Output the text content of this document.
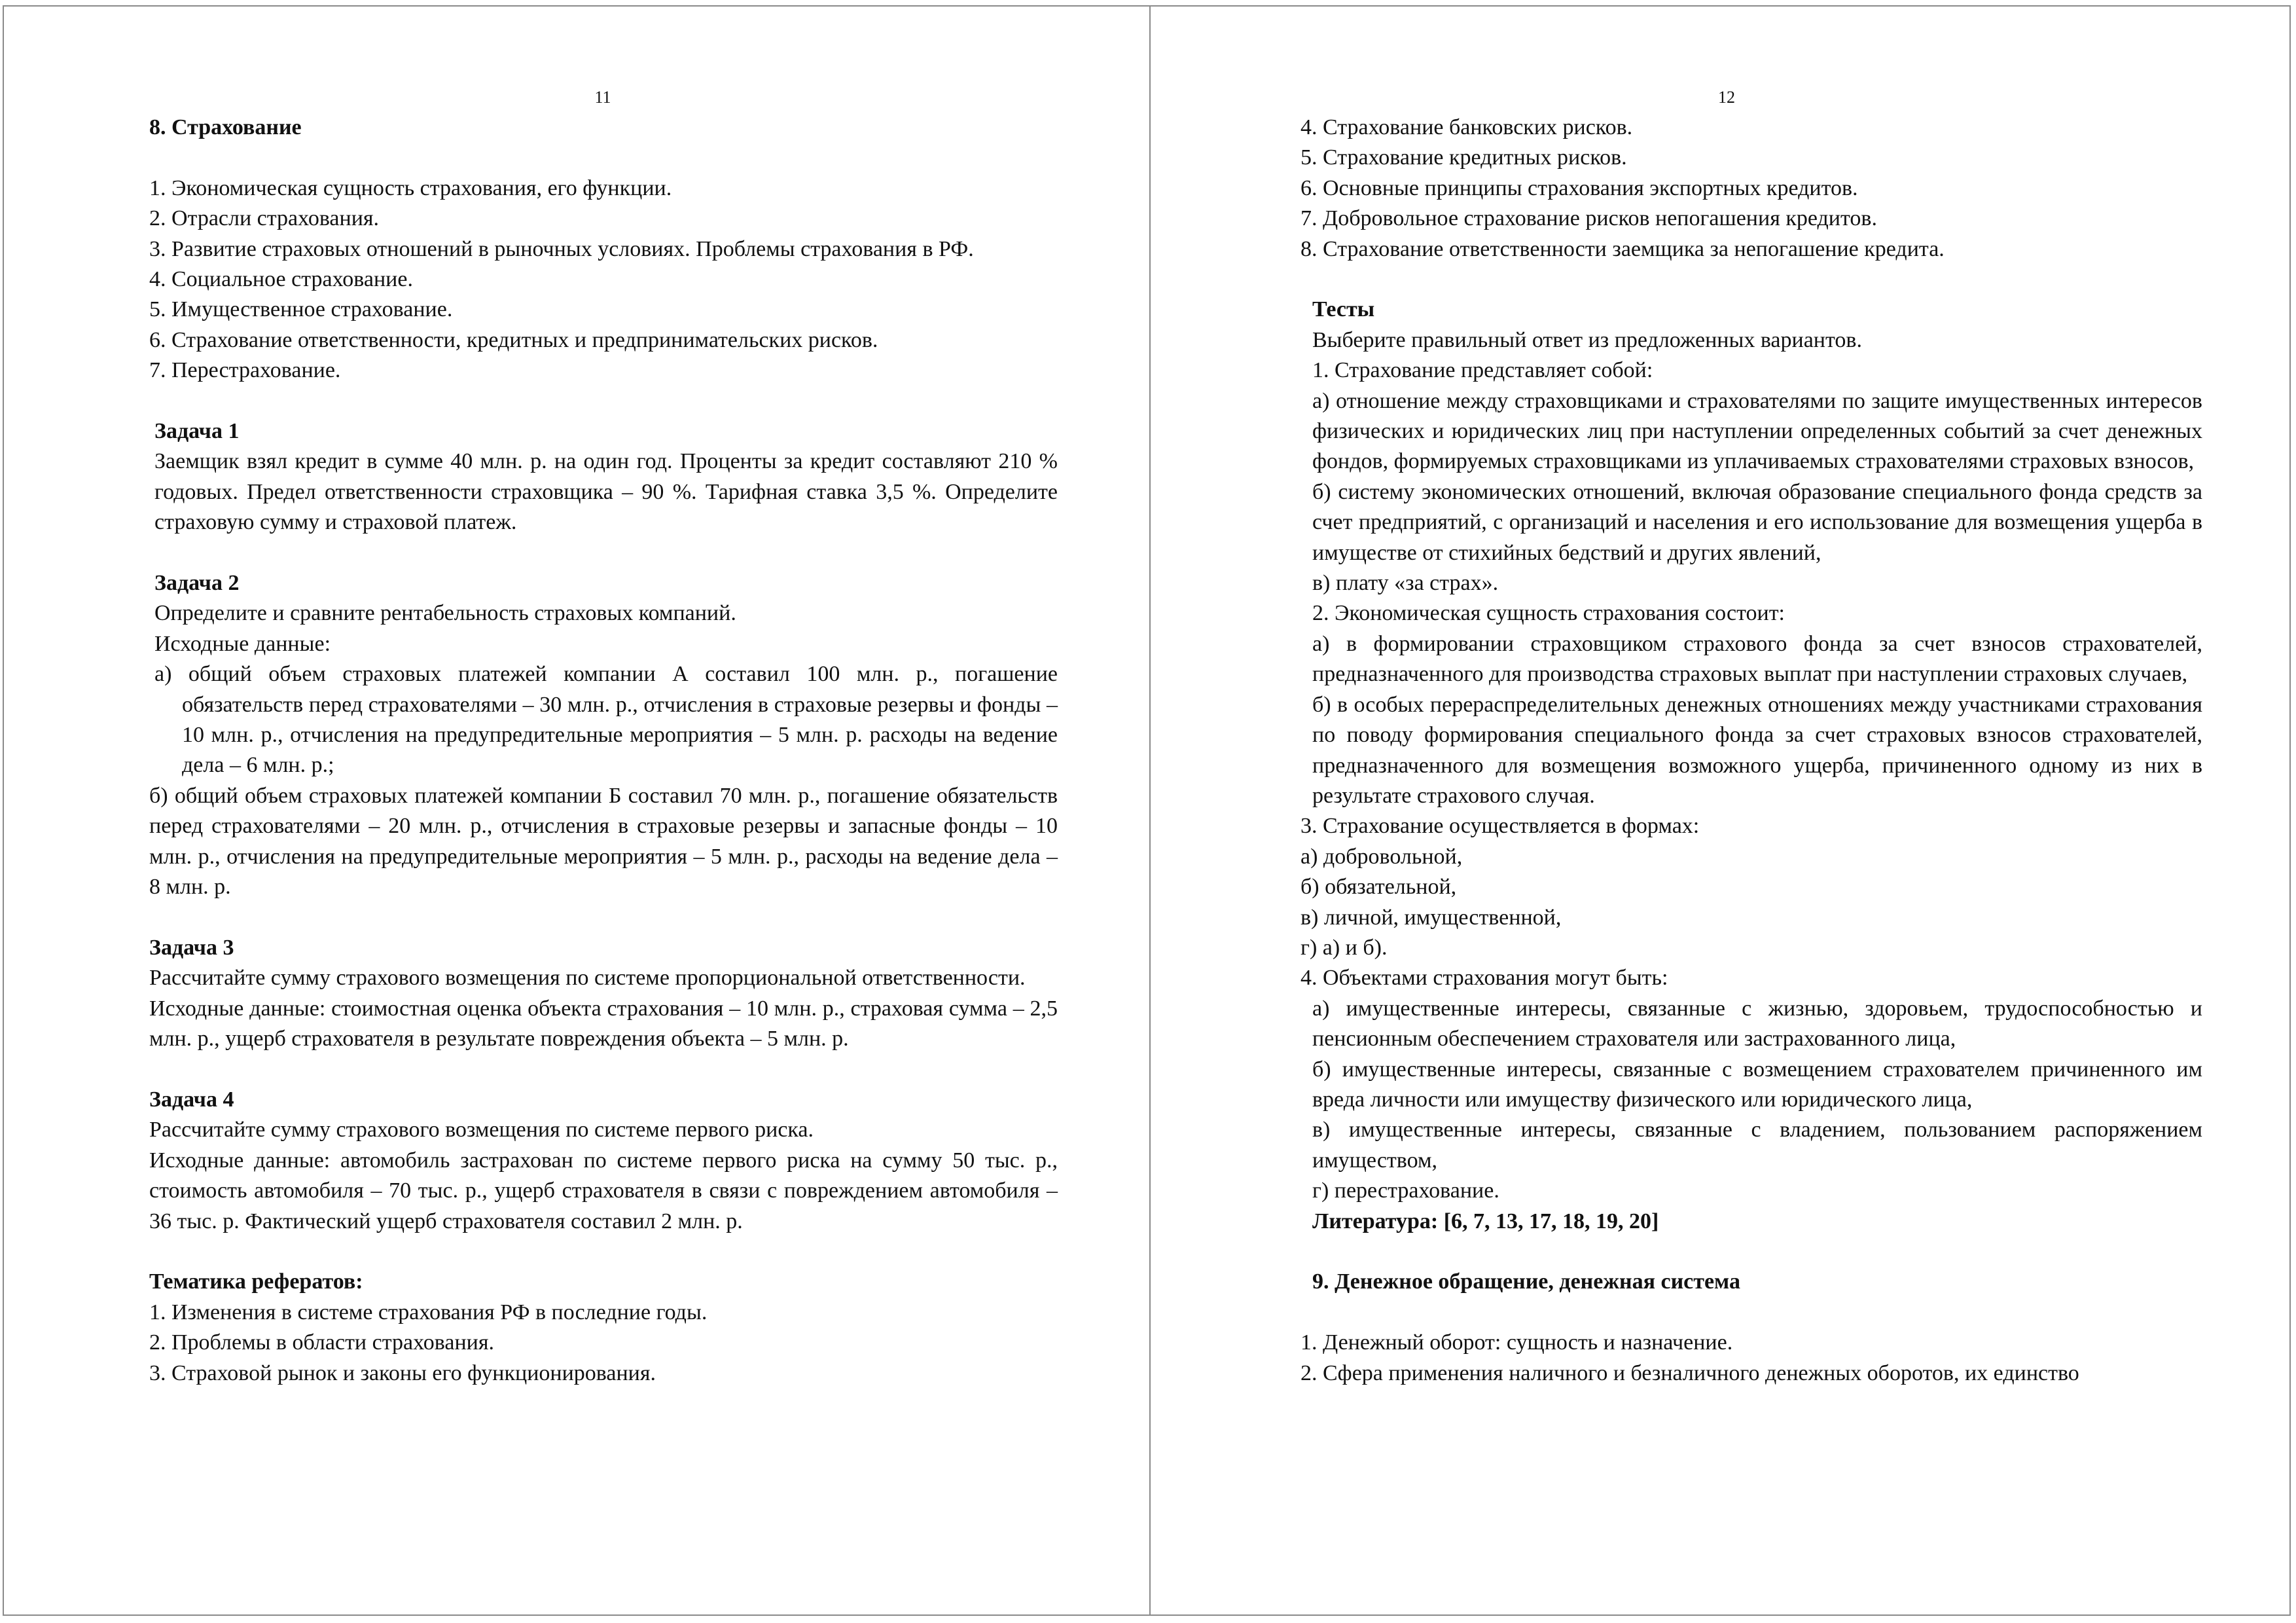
11

8. Страхование

1. Экономическая сущность страхования, его функции.

2. Отрасли страхования.

3. Развитие страховых отношений в рыночных условиях. Проблемы страхования в РФ.

4. Социальное страхование.

5. Имущественное страхование.

6. Страхование ответственности, кредитных и предпринимательских рисков.

7. Перестрахование.

Задача 1

Заемщик взял кредит в сумме 40 млн. р. на один год. Проценты за кредит составляют 210 % годовых. Предел ответственности страховщика – 90 %. Тарифная ставка 3,5 %. Определите страховую сумму и страховой платеж.

Задача 2

Определите и сравните рентабельность страховых компаний.

Исходные данные:

а) общий объем страховых платежей компании А составил 100 млн. р., погашение обязательств перед страхователями – 30 млн. р., отчисления в страховые резервы и фонды – 10 млн. р., отчисления на предупредительные мероприятия – 5 млн. р. расходы на ведение дела – 6 млн. р.;

б) общий объем страховых платежей компании Б составил 70 млн. р., погашение обязательств перед страхователями – 20 млн. р., отчисления в страховые резервы и запасные фонды – 10 млн. р., отчисления на предупредительные мероприятия – 5 млн. р., расходы на ведение дела – 8 млн. р.

Задача 3

Рассчитайте сумму страхового возмещения по системе пропорциональной ответственности.

Исходные данные: стоимостная оценка объекта страхования – 10 млн. р., страховая сумма – 2,5 млн. р., ущерб страхователя в результате повреждения объекта – 5 млн. р.

Задача 4

Рассчитайте сумму страхового возмещения по системе первого риска.

Исходные данные: автомобиль застрахован по системе первого риска на сумму 50 тыс. р., стоимость автомобиля – 70 тыс. р., ущерб страхователя в связи с повреждением автомобиля – 36 тыс. р. Фактический ущерб страхователя составил 2 млн. р.

Тематика рефератов:

1. Изменения в системе страхования РФ в последние годы.

2. Проблемы в области страхования.

3. Страховой рынок и законы его функционирования.

12

4. Страхование банковских рисков.

5. Страхование кредитных рисков.

6. Основные принципы страхования экспортных кредитов.

7. Добровольное страхование рисков непогашения кредитов.

8. Страхование ответственности заемщика за непогашение кредита.

Тесты

Выберите правильный ответ из предложенных вариантов.

1. Страхование представляет собой:

а) отношение между страховщиками и страхователями по защите имущественных интересов физических и юридических лиц при наступлении определенных событий за счет денежных фондов, формируемых страховщиками из уплачиваемых страхователями страховых взносов,

б) систему экономических отношений, включая образование специального фонда средств за счет предприятий, с организаций и населения и его использование для возмещения ущерба в имуществе от стихийных бедствий и других явлений,

в) плату «за страх».

2. Экономическая сущность страхования состоит:

а) в формировании страховщиком страхового фонда за счет взносов страхователей, предназначенного для производства страховых выплат при наступлении страховых случаев,

б) в особых перераспределительных денежных отношениях между участниками страхования по поводу формирования специального фонда за счет страховых взносов страхователей, предназначенного для возмещения возможного ущерба, причиненного одному из них в результате страхового случая.

3. Страхование осуществляется в формах:

а) добровольной,

б) обязательной,

в) личной, имущественной,

г) а) и б).

4. Объектами страхования могут быть:

а) имущественные интересы, связанные с жизнью, здоровьем, трудоспособностью и пенсионным обеспечением страхователя или застрахованного лица,

б) имущественные интересы, связанные с возмещением страхователем причиненного им вреда личности или имуществу физического или юридического лица,

в) имущественные интересы, связанные с владением, пользованием распоряжением имуществом,

г) перестрахование.

Литература: [6, 7, 13, 17, 18, 19, 20]

9. Денежное обращение, денежная система

1. Денежный оборот: сущность и назначение.

2. Сфера применения наличного и безналичного денежных оборотов, их единство
